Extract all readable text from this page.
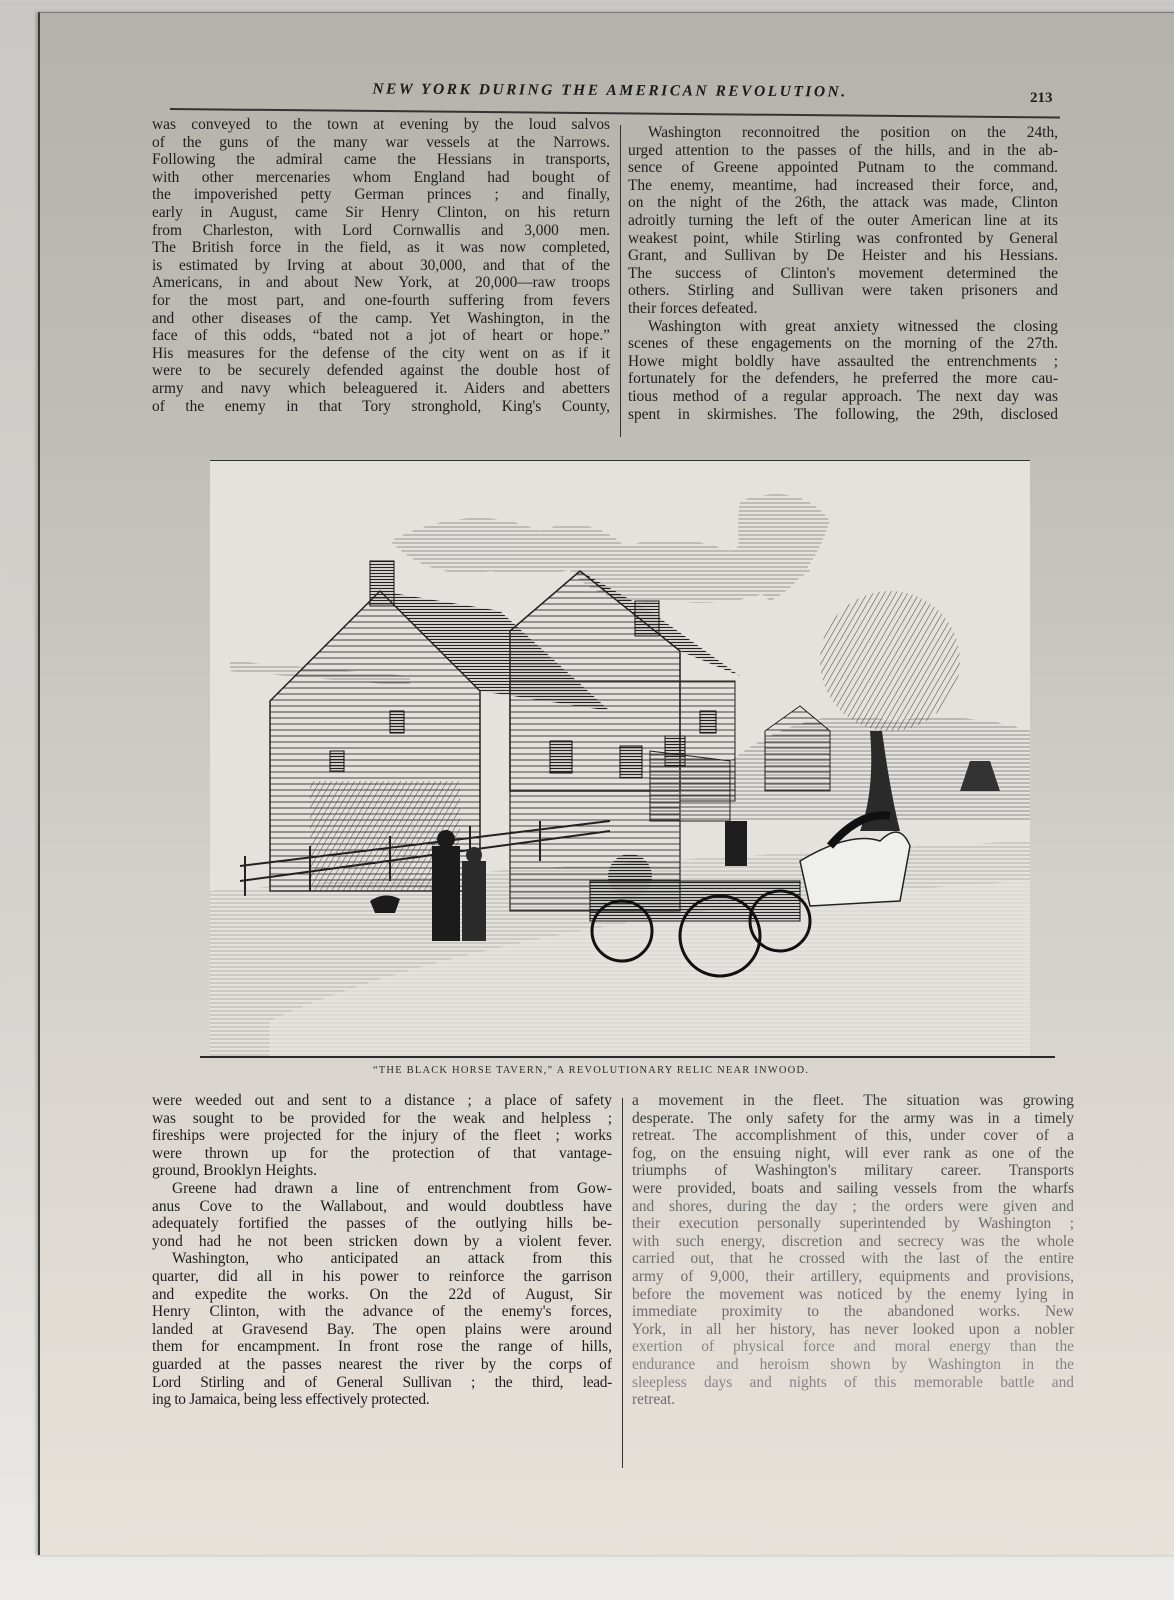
NEW YORK DURING THE AMERICAN REVOLUTION.	213
was conveyed to the town at evening by the loud salvos
of the guns of the many war vessels at the Narrows.
Following the admiral came the Hessians in transports,
with other mercenaries whom England had bought of
the impoverished petty German princes ; and finally,
early in August, came Sir Henry Clinton, on his return
from Charleston, with Lord Cornwallis and 3,000 men.
The British force in the field, as it was now completed,
is estimated by Irving at about 30,000, and that of the
Americans, in and about New York, at 20,000—raw troops
for the most part, and one-fourth suffering from fevers
and other diseases of the camp. Yet Washington, in the
face of this odds, “bated not a jot of heart or hope.”
His measures for the defense of the city went on as if it
were to be securely defended against the double host of
army and navy which beleaguered it. Aiders and abetters
of the enemy in that Tory stronghold, King's County,
Washington reconnoitred the position on the 24th,
urged attention to the passes of the hills, and in the ab-
sence of Greene appointed Putnam to the command.
The enemy, meantime, had increased their force, and,
on the night of the 26th, the attack was made, Clinton
adroitly turning the left of the outer American line at its
weakest point, while Stirling was confronted by General
Grant, and Sullivan by De Heister and his Hessians.
The success of Clinton's movement determined the
others. Stirling and Sullivan were taken prisoners and
their forces defeated.
Washington with great anxiety witnessed the closing
scenes of these engagements on the morning of the 27th.
Howe might boldly have assaulted the entrenchments ;
fortunately for the defenders, he preferred the more cau-
tious method of a regular approach. The next day was
spent in skirmishes. The following, the 29th, disclosed
“THE BLACK HORSE TAVERN,” A REVOLUTIONARY RELIC NEAR INWOOD.
were weeded out and sent to a distance ; a place of safety
was sought to be provided for the weak and helpless ;
fireships were projected for the injury of the fleet ; works
were thrown up for the protection of that vantage-
ground, Brooklyn Heights.
Greene had drawn a line of entrenchment from Gow-
anus Cove to the Wallabout, and would doubtless have
adequately fortified the passes of the outlying hills be-
yond had he not been stricken down by a violent fever.
Washington, who anticipated an attack from this
quarter, did all in his power to reinforce the garrison
and expedite the works. On the 22d of August, Sir
Henry Clinton, with the advance of the enemy's forces,
landed at Gravesend Bay. The open plains were around
them for encampment. In front rose the range of hills,
guarded at the passes nearest the river by the corps of
Lord Stirling and of General Sullivan ; the third, lead-
ing to Jamaica, being less effectively protected.
a movement in the fleet. The situation was growing
desperate. The only safety for the army was in a timely
retreat. The accomplishment of this, under cover of a
fog, on the ensuing night, will ever rank as one of the
triumphs of Washington's military career. Transports
were provided, boats and sailing vessels from the wharfs
and shores, during the day ; the orders were given and
their execution personally superintended by Washington ;
with such energy, discretion and secrecy was the whole
carried out, that he crossed with the last of the entire
army of 9,000, their artillery, equipments and provisions,
before the movement was noticed by the enemy lying in
immediate proximity to the abandoned works. New
York, in all her history, has never looked upon a nobler
exertion of physical force and moral energy than the
endurance and heroism shown by Washington in the
sleepless days and nights of this memorable battle and
retreat.
